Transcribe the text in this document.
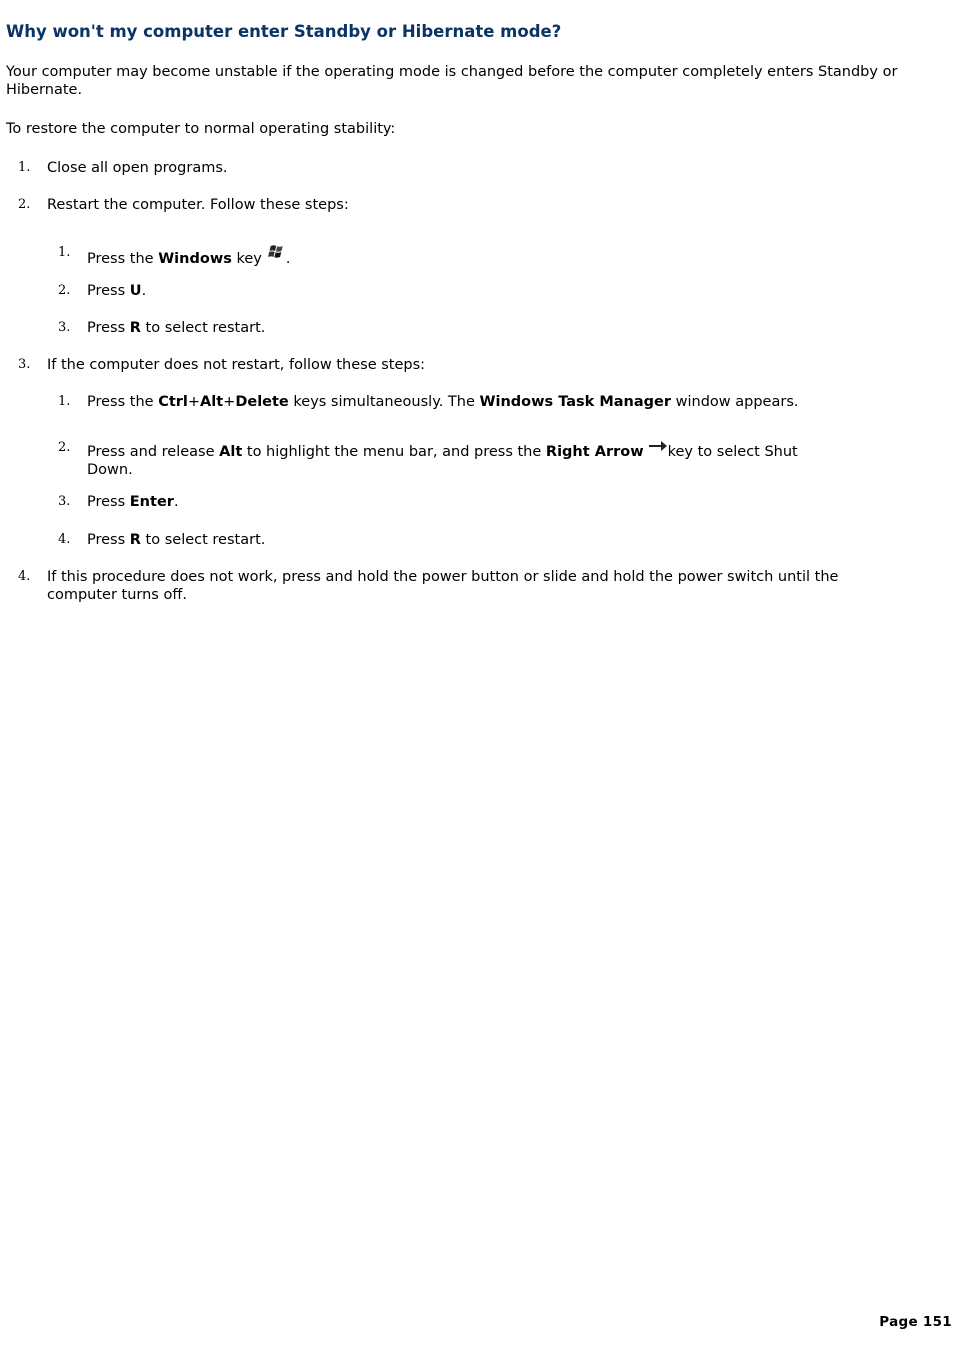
Why won't my computer enter Standby or Hibernate mode?

Your computer may become unstable if the operating mode is changed before the computer completely enters Standby or Hibernate.

To restore the computer to normal operating stability:

1. Close all open programs.
2. Restart the computer. Follow these steps:
1. Press the Windows key .
2. Press U.
3. Press R to select restart.
3. If the computer does not restart, follow these steps:
1. Press the Ctrl+Alt+Delete keys simultaneously. The Windows Task Manager window appears.
2. Press and release Alt to highlight the menu bar, and press the Right Arrow key to select Shut Down.
3. Press Enter.
4. Press R to select restart.
4. If this procedure does not work, press and hold the power button or slide and hold the power switch until the computer turns off.
Page 151
